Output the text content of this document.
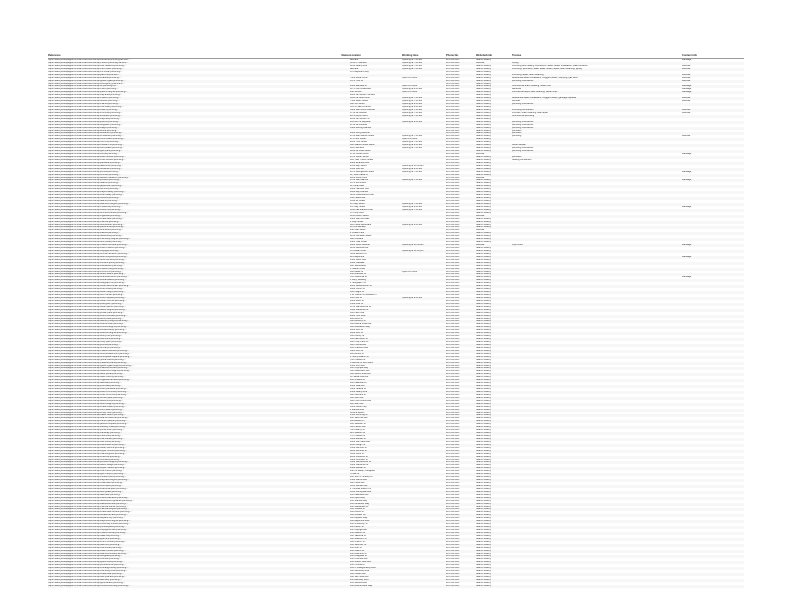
Reference	Names Location	Working time	Phone No.	Website/Link	Trustee	Contact info
https://www.yellowpages.com/san-francisco-ca/mip/bernards-plumbing-service-...	Bernard	Opening at 7:00 am	415-xxx-xxxx	Search nearby	Message
https://www.yellowpages.com/san-francisco-ca/mip/r-and-b-plumbing-service-...	1141 N. Garfield	Opening at 7:00 am	415-xxx-xxxx	Website	Piping
https://www.yellowpages.com/san-francisco-ca/mip/four-seasons-plumbing-...	3145 Geary Blvd	Opening at 7:00 am	415-xxx-xxxx	Search nearby	Plumbing and heating contractors, water heater installation, water softener	Website
https://www.yellowpages.com/san-francisco-ca/mip/roto-rooter-plumbing-...	Bernard	Opening at 7:00 am	415-xxx-xxxx	Search nearby	Plumbing, plumbers, water leaks, sewer repair, drain cleaning, piping	Website
https://www.yellowpages.com/san-francisco-ca/mip/mr-rooter-plumbing-...	170 Bayside Pkwy	415-xxx-xxxx	Search nearby
https://www.yellowpages.com/san-francisco-ca/mip/paul-the-plumber-...	415-xxx-xxxx	Search nearby	Plumbing repair, drain cleaning	Website
https://www.yellowpages.com/san-francisco-ca/mip/cuadras-plumbing-...	7600 Rolla Circle	Open 24 hours	415-xxx-xxxx	Search nearby	Residential water installation, clogged drains, stripping, gas lines	Website
https://www.yellowpages.com/san-francisco-ca/mip/golden-gate-plumbing-...	1375 Turk St	415-xxx-xxxx	Search nearby	plumbing contractors	Website
https://www.yellowpages.com/san-francisco-ca/mip/emergency-plumbers-...	415-xxx-xxxx	Search nearby
https://www.yellowpages.com/san-francisco-ca/mip/sf-plumbing-co-...	1900 Barbara St	Open 24 hours	415-xxx-xxxx	Search nearby	Commercial drain cleaning, sewer line	Message
https://www.yellowpages.com/san-francisco-ca/mip/frisco-plumbing-...	1175 Irvin Boulevard	Opening at 8:00 am	415-xxx-xxxx	Search nearby	Backflow	Message
https://www.yellowpages.com/san-francisco-ca/mip/pacific-heights-plumbing-...	440 10 Ave	Open 24 hours	415-xxx-xxxx	Search nearby	commercial septic tank cleaning, sewer lines	Message
https://www.yellowpages.com/san-francisco-ca/mip/bay-area-plumbing-...	2001 Jen Brown Terrace	415-xxx-xxxx	Search nearby
https://www.yellowpages.com/san-francisco-ca/mip/mission-plumbing-...	1100 La Jolla Court	Opening at 7:00 am	415-xxx-xxxx	Search nearby	Residential water installation, clogged drains, garbage disposal	Website
https://www.yellowpages.com/san-francisco-ca/mip/sunset-plumbing-...	7500 Dean Street	Opening at 7:00 am	415-xxx-xxxx	Search nearby	plumber	Website
https://www.yellowpages.com/san-francisco-ca/mip/marina-plumbing-...	380 3rd Street	Opening at 8:00 am	415-xxx-xxxx	Search nearby	plumbing contractors
https://www.yellowpages.com/san-francisco-ca/mip/noe-valley-plumbing-...	161 W Saint Francis	Opening at 8:00 am	415-xxx-xxxx	Search nearby
https://www.yellowpages.com/san-francisco-ca/mip/castro-plumbing-...	3300 San Bruno Avenue	Opening at 7:00 am	415-xxx-xxxx	Search nearby	Plumbing contractors	Website
https://www.yellowpages.com/san-francisco-ca/mip/richmond-plumbing-...	1750 La Grande	Opening at 7:00 am	415-xxx-xxxx	Search nearby	Plumber, drain cleaning, leak repair	Website
https://www.yellowpages.com/san-francisco-ca/mip/excelsior-plumbing-...	8975 Airport Blvd	Opening at 7:00 am	415-xxx-xxxx	Search nearby	Commercial plumbing
https://www.yellowpages.com/san-francisco-ca/mip/bayview-plumbing-...	2100 Jeff Brown St	415-xxx-xxxx	Search nearby
https://www.yellowpages.com/san-francisco-ca/mip/potrero-plumbing-...	265 Ann St Bayview	Opening at 8:00 am	415-xxx-xxxx	Search nearby	plumbing contractors
https://www.yellowpages.com/san-francisco-ca/mip/dogpatch-plumbing-...	8740 La Pamela	415-xxx-xxxx	Search nearby	plumbing contractors
https://www.yellowpages.com/san-francisco-ca/mip/haight-plumbing-...	1380 Rolling Avenue	415-xxx-xxxx	Search nearby	plumbing contractors
https://www.yellowpages.com/san-francisco-ca/mip/soma-plumbing-...	415-xxx-xxxx	Search nearby	plumbers
https://www.yellowpages.com/san-francisco-ca/mip/tenderloin-plumbing-...	1000 Irving Avenue	415-xxx-xxxx	Search nearby	plumbers
https://www.yellowpages.com/san-francisco-ca/mip/chinatown-plumbing-...	2700 Bart Macus Street	Opening at 7:00 am	415-xxx-xxxx	Search nearby	plumbing	Website
https://www.yellowpages.com/san-francisco-ca/mip/north-beach-plumbing-...	475 Pine Street	Open 24 hours	415-xxx-xxxx	Search nearby
https://www.yellowpages.com/san-francisco-ca/mip/nob-hill-plumbing-...	2100 Turk Street	Opening at 7:00 am	415-xxx-xxxx	Search nearby
https://www.yellowpages.com/san-francisco-ca/mip/russian-hill-plumbing-...	900 Market Street Block	Opening at 8:00 am	415-xxx-xxxx	Search nearby	Green Repair
https://www.yellowpages.com/san-francisco-ca/mip/twin-peaks-plumbing-...	1111 Stockton	Opening at 7:00 am	415-xxx-xxxx	Search nearby	plumbing contractors
https://www.yellowpages.com/san-francisco-ca/mip/glen-park-plumbing-...	3100 La Jolla Street	415-xxx-xxxx	Search nearby	plumbing contractors
https://www.yellowpages.com/san-francisco-ca/mip/bernal-plumbing-...	3795 Ocean Drive	415-xxx-xxxx	Website	Message
https://www.yellowpages.com/san-francisco-ca/mip/outer-sunset-plumbing-...	2370 Sutter Street	415-xxx-xxxx	Search nearby	plumbers
https://www.yellowpages.com/san-francisco-ca/mip/inner-sunset-plumbing-...	804, San Ysidro Street	415-xxx-xxxx	Search nearby	heating contractors
https://www.yellowpages.com/san-francisco-ca/mip/parkside-plumbing-...	2600 Mirantos Ave	415-xxx-xxxx	Search nearby
https://www.yellowpages.com/san-francisco-ca/mip/lakeshore-plumbing-...	2310 Bay Street	Opening at 10:00 am	415-xxx-xxxx	Search nearby
https://www.yellowpages.com/san-francisco-ca/mip/visitacion-plumbing-...	2416 Stoll Rd	Opening at 8:00 am	415-xxx-xxxx	Search nearby
https://www.yellowpages.com/san-francisco-ca/mip/portola-plumbing-...	9875 Georgetown Lane	Opening at 7:00 am	415-xxx-xxxx	Search nearby	Message
https://www.yellowpages.com/san-francisco-ca/mip/crocker-plumbing-...	11, Jose Caval Ct	415-xxx-xxxx	Search nearby
https://www.yellowpages.com/san-francisco-ca/mip/western-addition-plumbing-...	1200 Ross Drive	415-xxx-xxxx	Website
https://www.yellowpages.com/san-francisco-ca/mip/presidio-plumbing-...	1720 San Marcos	Opening at 7:00 am	415-xxx-xxxx	Search nearby	Message
https://www.yellowpages.com/san-francisco-ca/mip/seacliff-plumbing-...	3475 Richmond	415-xxx-xxxx	Search nearby
https://www.yellowpages.com/san-francisco-ca/mip/japantown-plumbing-...	31 Coral Reef	415-xxx-xxxx	Search nearby
https://www.yellowpages.com/san-francisco-ca/mip/fillmore-plumbing-...	1900 Hanover Ave	415-xxx-xxxx	Search nearby
https://www.yellowpages.com/san-francisco-ca/mip/hayes-valley-plumbing-...	4000 Bay Avenue	415-xxx-xxxx	Search nearby
https://www.yellowpages.com/san-francisco-ca/mip/cole-valley-plumbing-...	3240 Peachwood Drive	415-xxx-xxxx	Search nearby
https://www.yellowpages.com/san-francisco-ca/mip/duboce-plumbing-...	456 Paseo Ave	415-xxx-xxxx	Search nearby
https://www.yellowpages.com/san-francisco-ca/mip/alamo-plumbing-...	1910 Mt Street	415-xxx-xxxx	Search nearby
https://www.yellowpages.com/san-francisco-ca/mip/diamond-heights-plumbing-...	10 Clay Street	Opening at 7:00 am	415-xxx-xxxx	Search nearby
https://www.yellowpages.com/san-francisco-ca/mip/miraloma-plumbing-...	247 Bay Street	Opening at 8:00 am	415-xxx-xxxx	Search nearby	Message
https://www.yellowpages.com/san-francisco-ca/mip/forest-hill-plumbing-...	3811 Las Manos Drive	Opening at 7:00 am	415-xxx-xxxx	Search nearby
https://www.yellowpages.com/san-francisco-ca/mip/st-francis-wood-plumbing-...	170 Roy Blvd	415-xxx-xxxx	Search nearby
https://www.yellowpages.com/san-francisco-ca/mip/ingleside-plumbing-...	1150 Dover Street	415-xxx-xxxx	Website
https://www.yellowpages.com/san-francisco-ca/mip/oceanview-plumbing-...	3421 San Nicholas	415-xxx-xxxx	Search nearby
https://www.yellowpages.com/san-francisco-ca/mip/merced-plumbing-...	4 Clay Street	415-xxx-xxxx	Search nearby
https://www.yellowpages.com/san-francisco-ca/mip/stonestown-plumbing-...	895 Plaza Boulevard	Opening at 8:00 am	415-xxx-xxxx	Search nearby
https://www.yellowpages.com/san-francisco-ca/mip/parkmerced-plumbing-...	115 La Jamalla	415-xxx-xxxx	Search nearby
https://www.yellowpages.com/san-francisco-ca/mip/sherwood-plumbing-...	440 Oak Street	415-xxx-xxxx	Website
https://www.yellowpages.com/san-francisco-ca/mip/balboa-plumbing-...	4 Ocean Park	415-xxx-xxxx	Search nearby
https://www.yellowpages.com/san-francisco-ca/mip/westwood-plumbing-...	1250 Nicholas Street	415-xxx-xxxx	Search nearby
https://www.yellowpages.com/san-francisco-ca/mip/monterey-heights-plumbing-...	390 Cortland	415-xxx-xxxx	Search nearby
https://www.yellowpages.com/san-francisco-ca/mip/sunnyside-plumbing-...	2400 Yale Street	415-xxx-xxxx	Search nearby
https://www.yellowpages.com/san-francisco-ca/mip/mission-terrace-plumbing-...	3000 Silver Avenue	Opening at 10:00 am	415-xxx-xxxx	Website	Pipe Lines	Message
https://www.yellowpages.com/san-francisco-ca/mip/outer-mission-plumbing-...	1250 Geneva Ave	415-xxx-xxxx	Search nearby
https://www.yellowpages.com/san-francisco-ca/mip/cayuga-plumbing-...	15 Ocean Drive	Opening at 12:00 pm	415-xxx-xxxx	Search nearby
https://www.yellowpages.com/san-francisco-ca/mip/crocker-amazon-plumbing-...	5100 Mission St	415-xxx-xxxx	Search nearby
https://www.yellowpages.com/san-francisco-ca/mip/little-hollywood-plumbing-...	221 Bayshore	415-xxx-xxxx	Search nearby	Message
https://www.yellowpages.com/san-francisco-ca/mip/silver-terrace-plumbing-...	1300 Silver Ave	415-xxx-xxxx	Search nearby
https://www.yellowpages.com/san-francisco-ca/mip/hunters-point-plumbing-...	1800 Oakdale	415-xxx-xxxx	Search nearby
https://www.yellowpages.com/san-francisco-ca/mip/candlestick-plumbing-...	602 Jamestown	415-xxx-xxxx	Search nearby
https://www.yellowpages.com/san-francisco-ca/mip/mission-bay-plumbing-...	1 Harbor Drive	415-xxx-xxxx	Search nearby
https://www.yellowpages.com/san-francisco-ca/mip/rincon-hill-plumbing-...	400 Beale St	Open 24 hours	415-xxx-xxxx	Search nearby
https://www.yellowpages.com/san-francisco-ca/mip/south-beach-plumbing-...	100 Brannan St	415-xxx-xxxx	Search nearby
https://www.yellowpages.com/san-francisco-ca/mip/financial-district-plumbing-...	555 California St	415-xxx-xxxx	Search nearby	Message
https://www.yellowpages.com/san-francisco-ca/mip/embarcadero-plumbing-...	1 Ferry Building	415-xxx-xxxx	Search nearby
https://www.yellowpages.com/san-francisco-ca/mip/telegraph-hill-plumbing-...	1 Telegraph Hill	415-xxx-xxxx	Search nearby
https://www.yellowpages.com/san-francisco-ca/mip/fishermans-wharf-plumbing-...	2801 Leavenworth St	415-xxx-xxxx	Search nearby
https://www.yellowpages.com/san-francisco-ca/mip/cow-hollow-plumbing-...	2000 Union St	415-xxx-xxxx	Search nearby
https://www.yellowpages.com/san-francisco-ca/mip/lower-haight-plumbing-...	500 Haight St	415-xxx-xxxx	Search nearby
https://www.yellowpages.com/san-francisco-ca/mip/civic-center-plumbing-...	1 Dr Carlton B Goodlett Pl	415-xxx-xxxx	Search nearby
https://www.yellowpages.com/san-francisco-ca/mip/union-square-plumbing-...	333 Post St	Opening at 8:00 am	415-xxx-xxxx	Search nearby
https://www.yellowpages.com/san-francisco-ca/mip/lower-nob-hill-plumbing-...	1000 Bush St	415-xxx-xxxx	Search nearby
https://www.yellowpages.com/san-francisco-ca/mip/polk-gulch-plumbing-...	1500 Polk St	415-xxx-xxxx	Search nearby
https://www.yellowpages.com/san-francisco-ca/mip/lower-pacific-plumbing-...	2700 Sacramento St	415-xxx-xxxx	Search nearby
https://www.yellowpages.com/san-francisco-ca/mip/laurel-heights-plumbing-...	3300 California St	415-xxx-xxxx	Search nearby
https://www.yellowpages.com/san-francisco-ca/mip/jordan-park-plumbing-...	100 Palm Ave	415-xxx-xxxx	Search nearby
https://www.yellowpages.com/san-francisco-ca/mip/lone-mountain-plumbing-...	2800 Turk Blvd	415-xxx-xxxx	Search nearby
https://www.yellowpages.com/san-francisco-ca/mip/anza-vista-plumbing-...	200 Anza St	415-xxx-xxxx	Search nearby
https://www.yellowpages.com/san-francisco-ca/mip/ashbury-heights-plumbing-...	100 Ashbury St	415-xxx-xxxx	Search nearby
https://www.yellowpages.com/san-francisco-ca/mip/buena-vista-plumbing-...	500 Buena Vista Ave	415-xxx-xxxx	Search nearby
https://www.yellowpages.com/san-francisco-ca/mip/corona-heights-plumbing-...	300 Roosevelt Way	415-xxx-xxxx	Search nearby
https://www.yellowpages.com/san-francisco-ca/mip/eureka-valley-plumbing-...	4000 18th St	415-xxx-xxxx	Search nearby
https://www.yellowpages.com/san-francisco-ca/mip/dolores-heights-plumbing-...	3800 21st St	415-xxx-xxxx	Search nearby
https://www.yellowpages.com/san-francisco-ca/mip/liberty-hill-plumbing-...	100 Liberty St	415-xxx-xxxx	Search nearby
https://www.yellowpages.com/san-francisco-ca/mip/fairmount-plumbing-...	100 Fairmount St	415-xxx-xxxx	Search nearby
https://www.yellowpages.com/san-francisco-ca/mip/holly-park-plumbing-...	200 Holly Park Cir	415-xxx-xxxx	Search nearby
https://www.yellowpages.com/san-francisco-ca/mip/precita-plumbing-...	300 Precita Ave	415-xxx-xxxx	Search nearby
https://www.yellowpages.com/san-francisco-ca/mip/st-marys-plumbing-...	400 Crescent Ave	415-xxx-xxxx	Search nearby
https://www.yellowpages.com/san-francisco-ca/mip/mission-dolores-plumbing-...	3321 16th St	415-xxx-xxxx	Search nearby
https://www.yellowpages.com/san-francisco-ca/mip/central-waterfront-plumbing-...	900 Illinois St	415-xxx-xxxx	Search nearby
https://www.yellowpages.com/san-francisco-ca/mip/showplace-square-plumbing-...	2 Henry Adams St	415-xxx-xxxx	Search nearby
https://www.yellowpages.com/san-francisco-ca/mip/yerba-buena-plumbing-...	700 Howard St	415-xxx-xxxx	Search nearby
https://www.yellowpages.com/san-francisco-ca/mip/treasure-island-plumbing-...	1 Avenue of the Palms	415-xxx-xxxx	Search nearby
https://www.yellowpages.com/san-francisco-ca/mip/golden-gate-heights-plumbing-...	1500 15th Ave	415-xxx-xxxx	Search nearby
https://www.yellowpages.com/san-francisco-ca/mip/midtown-terrace-plumbing-...	100 Olympia Way	415-xxx-xxxx	Search nearby
https://www.yellowpages.com/san-francisco-ca/mip/clarendon-heights-plumbing-...	500 Clarendon Ave	415-xxx-xxxx	Search nearby
https://www.yellowpages.com/san-francisco-ca/mip/west-portal-plumbing-...	100 West Portal Ave	415-xxx-xxxx	Search nearby
https://www.yellowpages.com/san-francisco-ca/mip/saint-francis-plumbing-...	50 Santa Ana Ave	415-xxx-xxxx	Search nearby
https://www.yellowpages.com/san-francisco-ca/mip/ingleside-terraces-plumbing-...	200 Urbano Dr	415-xxx-xxxx	Search nearby
https://www.yellowpages.com/san-francisco-ca/mip/lakeside-plumbing-...	100 Lakeside Dr	415-xxx-xxxx	Search nearby
https://www.yellowpages.com/san-francisco-ca/mip/pine-lake-plumbing-...	2500 Vale Ave	415-xxx-xxxx	Search nearby
https://www.yellowpages.com/san-francisco-ca/mip/outer-parkside-plumbing-...	3400 Taraval St	415-xxx-xxxx	Search nearby
https://www.yellowpages.com/san-francisco-ca/mip/outer-richmond-plumbing-...	4500 Geary Blvd	415-xxx-xxxx	Search nearby
https://www.yellowpages.com/san-francisco-ca/mip/inner-richmond-plumbing-...	600 Clement St	415-xxx-xxxx	Search nearby
https://www.yellowpages.com/san-francisco-ca/mip/lincoln-park-plumbing-...	100 34th Ave	415-xxx-xxxx	Search nearby
https://www.yellowpages.com/san-francisco-ca/mip/lands-end-plumbing-...	680 Point Lobos Ave	415-xxx-xxxx	Search nearby
https://www.yellowpages.com/san-francisco-ca/mip/sutro-heights-plumbing-...	800 48th Ave	415-xxx-xxxx	Search nearby
https://www.yellowpages.com/san-francisco-ca/mip/ocean-beach-plumbing-...	1000 Great Hwy	415-xxx-xxxx	Search nearby
https://www.yellowpages.com/san-francisco-ca/mip/fort-mason-plumbing-...	2 Marina Blvd	415-xxx-xxxx	Search nearby
https://www.yellowpages.com/san-francisco-ca/mip/crissy-field-plumbing-...	1199 E Beach	415-xxx-xxxx	Search nearby
https://www.yellowpages.com/san-francisco-ca/mip/baker-beach-plumbing-...	1504 Pershing Dr	415-xxx-xxxx	Search nearby
https://www.yellowpages.com/san-francisco-ca/mip/sea-cliff-avenue-plumbing-...	100 Sea Cliff Ave	415-xxx-xxxx	Search nearby
https://www.yellowpages.com/san-francisco-ca/mip/french-quarter-plumbing-...	300 Belden Pl	415-xxx-xxxx	Search nearby
https://www.yellowpages.com/san-francisco-ca/mip/jackson-square-plumbing-...	400 Jackson St	415-xxx-xxxx	Search nearby
https://www.yellowpages.com/san-francisco-ca/mip/barbary-coast-plumbing-...	500 Pacific Ave	415-xxx-xxxx	Search nearby
https://www.yellowpages.com/san-francisco-ca/mip/portsmouth-plumbing-...	700 Kearny St	415-xxx-xxxx	Search nearby
https://www.yellowpages.com/san-francisco-ca/mip/transbay-plumbing-...	425 Mission St	415-xxx-xxxx	Search nearby
https://www.yellowpages.com/san-francisco-ca/mip/moscone-plumbing-...	747 Howard St	415-xxx-xxxx	Search nearby
https://www.yellowpages.com/san-francisco-ca/mip/mid-market-plumbing-...	1000 Market St	415-xxx-xxxx	Search nearby
https://www.yellowpages.com/san-francisco-ca/mip/van-ness-plumbing-...	1600 Van Ness Ave	415-xxx-xxxx	Search nearby
https://www.yellowpages.com/san-francisco-ca/mip/cathedral-hill-plumbing-...	1100 Gough St	415-xxx-xxxx	Search nearby
https://www.yellowpages.com/san-francisco-ca/mip/lower-fillmore-plumbing-...	1300 Fillmore St	415-xxx-xxxx	Search nearby
https://www.yellowpages.com/san-francisco-ca/mip/upper-fillmore-plumbing-...	2200 Fillmore St	415-xxx-xxxx	Search nearby
https://www.yellowpages.com/san-francisco-ca/mip/marina-green-plumbing-...	3950 Scott St	415-xxx-xxxx	Search nearby
https://www.yellowpages.com/san-francisco-ca/mip/chestnut-plumbing-...	2100 Chestnut St	415-xxx-xxxx	Search nearby
https://www.yellowpages.com/san-francisco-ca/mip/lombard-plumbing-...	1900 Lombard St	415-xxx-xxxx	Search nearby
https://www.yellowpages.com/san-francisco-ca/mip/presidio-heights-plumbing-...	3500 Sacramento St	415-xxx-xxxx	Search nearby
https://www.yellowpages.com/san-francisco-ca/mip/laurel-village-plumbing-...	3500 California St	415-xxx-xxxx	Search nearby
https://www.yellowpages.com/san-francisco-ca/mip/upper-market-plumbing-...	2300 Market St	415-xxx-xxxx	Search nearby
https://www.yellowpages.com/san-francisco-ca/mip/noe-courts-plumbing-...	24th St &amp; Douglass	415-xxx-xxxx	Search nearby
https://www.yellowpages.com/san-francisco-ca/mip/glen-canyon-plumbing-...	70 Elk St	415-xxx-xxxx	Search nearby
https://www.yellowpages.com/san-francisco-ca/mip/mclaren-park-plumbing-...	100 John F Shelley Dr	415-xxx-xxxx	Search nearby
https://www.yellowpages.com/san-francisco-ca/mip/bayview-heights-plumbing-...	1500 Carroll Ave	415-xxx-xxxx	Search nearby
https://www.yellowpages.com/san-francisco-ca/mip/india-basin-plumbing-...	900 Innes Ave	415-xxx-xxxx	Search nearby
https://www.yellowpages.com/san-francisco-ca/mip/bret-harte-plumbing-...	1035 Gilman Ave	415-xxx-xxxx	Search nearby
https://www.yellowpages.com/san-francisco-ca/mip/executive-park-plumbing-...	2 Thomas Mellon Cir	415-xxx-xxxx	Search nearby
https://www.yellowpages.com/san-francisco-ca/mip/sunnydale-plumbing-...	1654 Sunnydale Ave	415-xxx-xxxx	Search nearby
https://www.yellowpages.com/san-francisco-ca/mip/lakeview-plumbing-...	100 Lakeview Ave	415-xxx-xxxx	Search nearby
https://www.yellowpages.com/san-francisco-ca/mip/mount-davidson-plumbing-...	100 Myra Way	415-xxx-xxxx	Search nearby
https://www.yellowpages.com/san-francisco-ca/mip/westwood-highlands-plumbing-...	100 Juanita Way	415-xxx-xxxx	Search nearby
https://www.yellowpages.com/san-francisco-ca/mip/balboa-terrace-plumbing-...	100 Kenwood Way	415-xxx-xxxx	Search nearby
https://www.yellowpages.com/san-francisco-ca/mip/merced-manor-plumbing-...	100 Middlefield Dr	415-xxx-xxxx	Search nearby
https://www.yellowpages.com/san-francisco-ca/mip/merced-heights-plumbing-...	100 Shields St	415-xxx-xxxx	Search nearby
https://www.yellowpages.com/san-francisco-ca/mip/oceanview-terrace-plumbing-...	100 Lobos St	415-xxx-xxxx	Search nearby
https://www.yellowpages.com/san-francisco-ca/mip/dorado-terrace-plumbing-...	100 Dorado Ter	415-xxx-xxxx	Search nearby
https://www.yellowpages.com/san-francisco-ca/mip/apparel-city-plumbing-...	100 Apparel Way	415-xxx-xxxx	Search nearby
https://www.yellowpages.com/san-francisco-ca/mip/bayshore-heights-plumbing-...	100 Bayshore Blvd	415-xxx-xxxx	Search nearby
https://www.yellowpages.com/san-francisco-ca/mip/university-mound-plumbing-...	100 University St	415-xxx-xxxx	Search nearby
https://www.yellowpages.com/san-francisco-ca/mip/portola-place-plumbing-...	100 Felton St	415-xxx-xxxx	Search nearby
https://www.yellowpages.com/san-francisco-ca/mip/cayuga-terrace-plumbing-...	100 Cayuga Ave	415-xxx-xxxx	Search nearby
https://www.yellowpages.com/san-francisco-ca/mip/mission-street-plumbing-...	100 Mission St	415-xxx-xxxx	Search nearby
https://www.yellowpages.com/san-francisco-ca/mip/valencia-plumbing-...	100 Valencia St	415-xxx-xxxx	Search nearby
https://www.yellowpages.com/san-francisco-ca/mip/guerrero-plumbing-...	100 Guerrero St	415-xxx-xxxx	Search nearby
https://www.yellowpages.com/san-francisco-ca/mip/church-street-plumbing-...	100 Church St	415-xxx-xxxx	Search nearby
https://www.yellowpages.com/san-francisco-ca/mip/sanchez-plumbing-...	100 Sanchez St	415-xxx-xxxx	Search nearby
https://www.yellowpages.com/san-francisco-ca/mip/noe-street-plumbing-...	100 Noe St	415-xxx-xxxx	Search nearby
https://www.yellowpages.com/san-francisco-ca/mip/castro-street-plumbing-...	100 Castro St	415-xxx-xxxx	Search nearby
https://www.yellowpages.com/san-francisco-ca/mip/diamond-street-plumbing-...	100 Diamond St	415-xxx-xxxx	Search nearby
https://www.yellowpages.com/san-francisco-ca/mip/douglass-plumbing-...	100 Douglass St	415-xxx-xxxx	Search nearby
https://www.yellowpages.com/san-francisco-ca/mip/hoffman-plumbing-...	100 Hoffman Ave	415-xxx-xxxx	Search nearby
https://www.yellowpages.com/san-francisco-ca/mip/grand-view-plumbing-...	100 Grand View Ave	415-xxx-xxxx	Search nearby
https://www.yellowpages.com/san-francisco-ca/mip/portola-drive-plumbing-...	100 Portola Dr	415-xxx-xxxx	Search nearby
https://www.yellowpages.com/san-francisco-ca/mip/o-shaughnessy-plumbing-...	100 O'Shaughnessy Blvd	415-xxx-xxxx	Search nearby
https://www.yellowpages.com/san-francisco-ca/mip/monterey-blvd-plumbing-...	100 Monterey Blvd	415-xxx-xxxx	Search nearby
https://www.yellowpages.com/san-francisco-ca/mip/ocean-ave-plumbing-...	100 Ocean Ave	415-xxx-xxxx	Search nearby
https://www.yellowpages.com/san-francisco-ca/mip/san-jose-ave-plumbing-...	100 San Jose Ave	415-xxx-xxxx	Search nearby
https://www.yellowpages.com/san-francisco-ca/mip/alemany-plumbing-...	100 Alemany Blvd	415-xxx-xxxx	Search nearby
https://www.yellowpages.com/san-francisco-ca/mip/geneva-ave-plumbing-...	100 Geneva Ave	415-xxx-xxxx	Search nearby
https://www.yellowpages.com/san-francisco-ca/mip/brotherhood-way-plumbing-...	100 Brotherhood Way	415-xxx-xxxx	Search nearby
